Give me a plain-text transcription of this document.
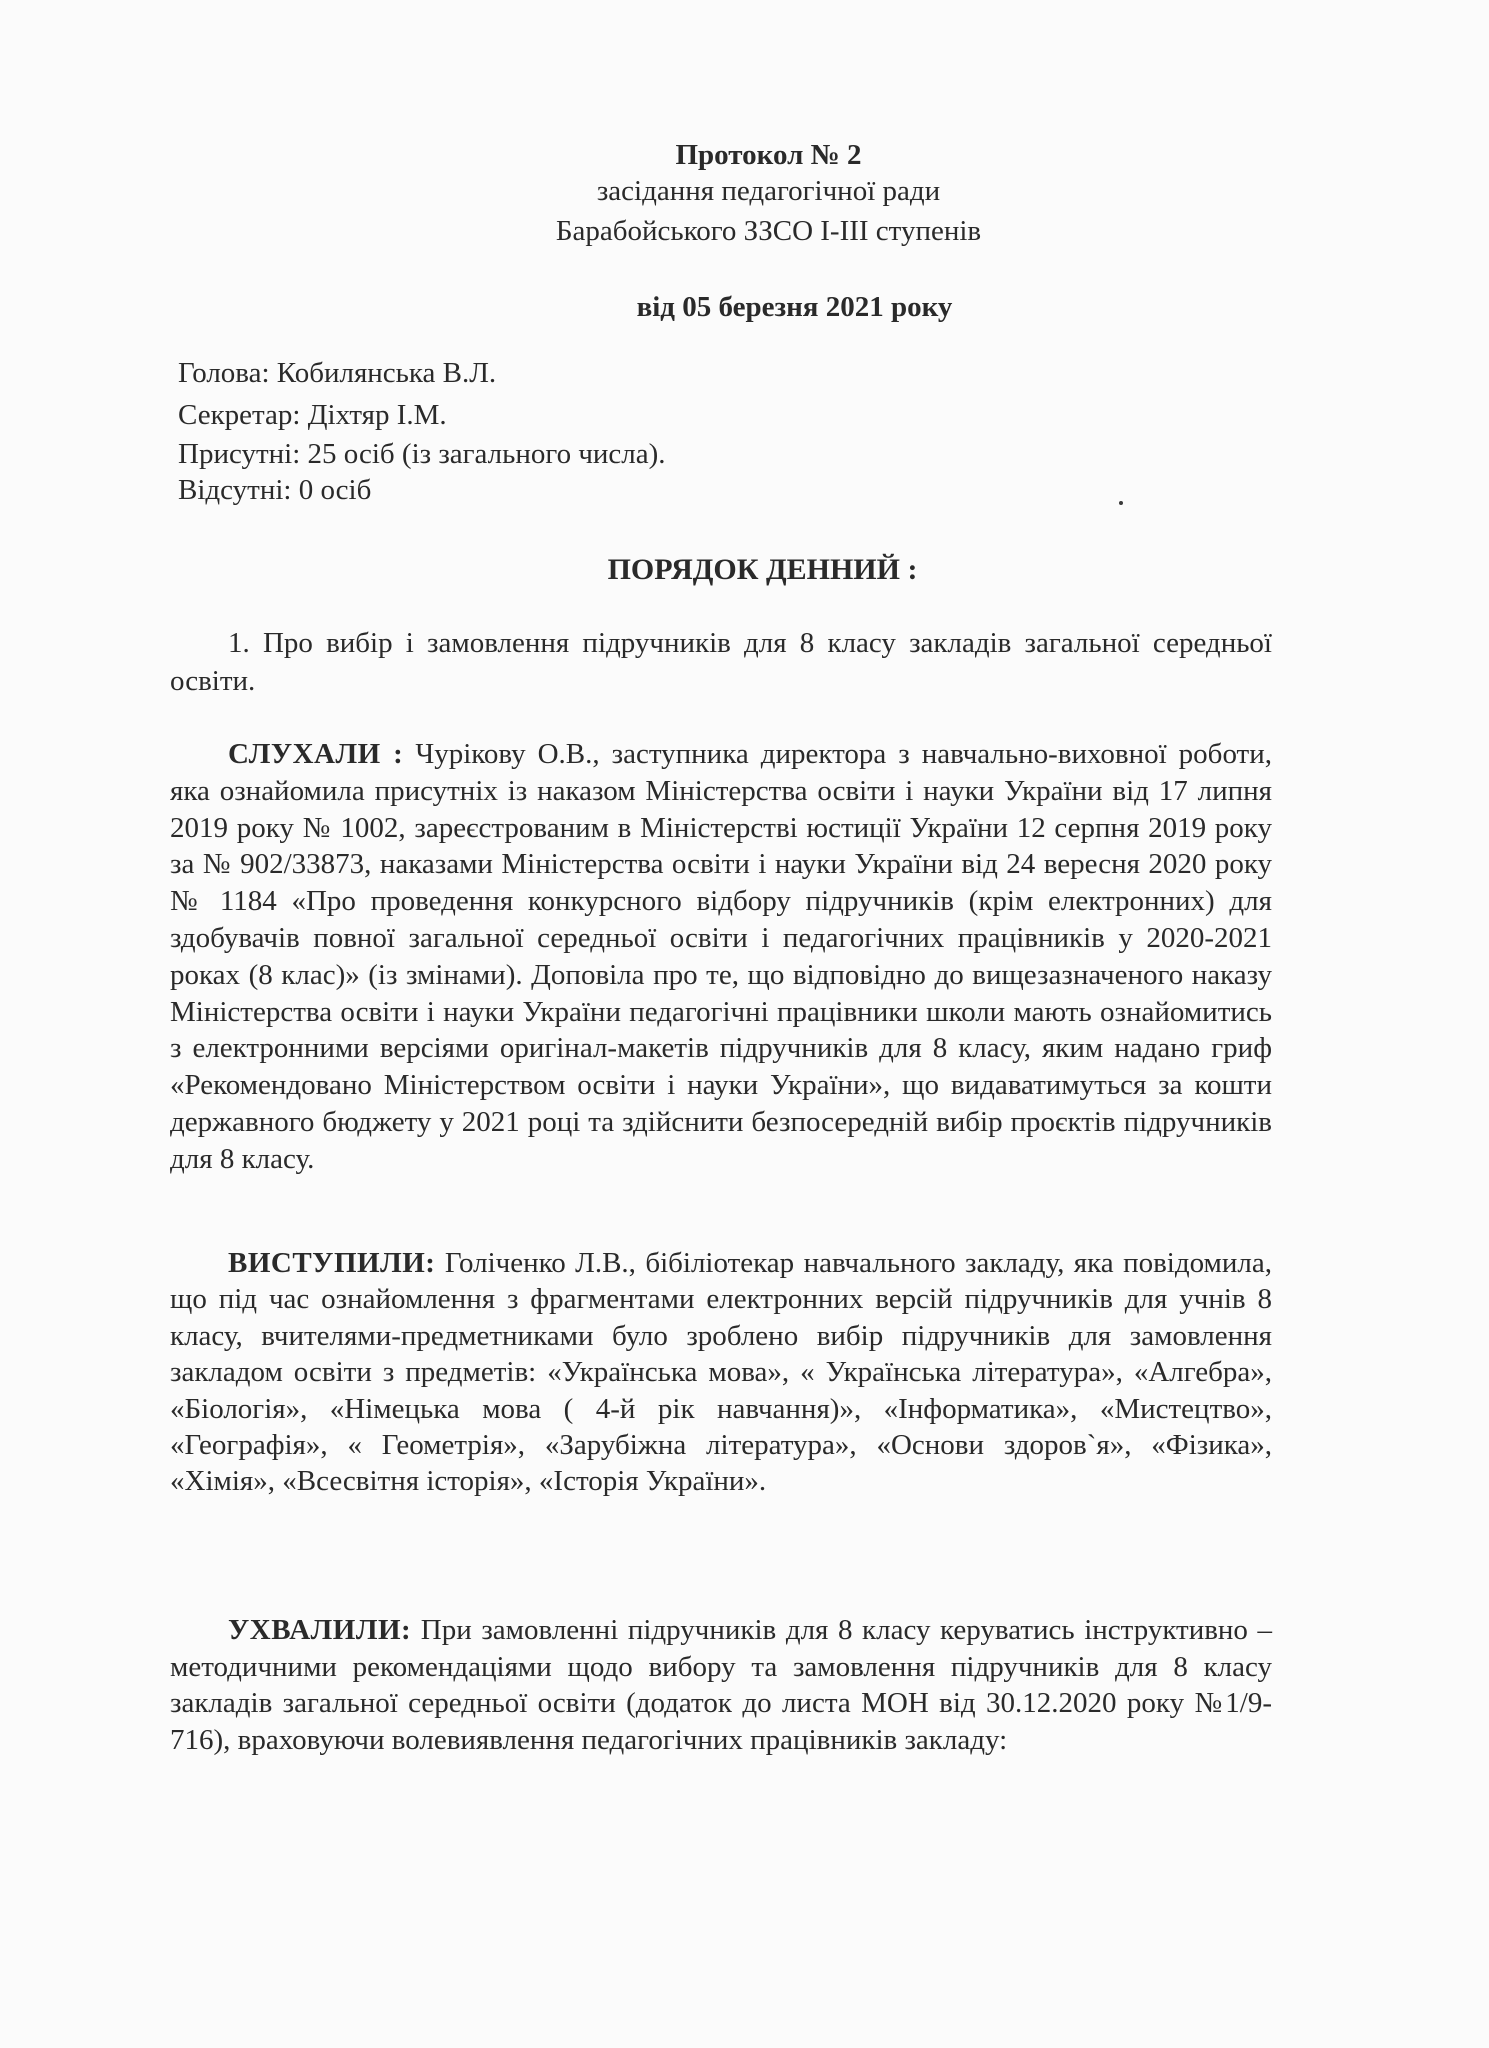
Протокол № 2
засідання педагогічної ради
Барабойського ЗЗСО І-ІІІ ступенів
від 05 березня 2021 року
Голова: Кобилянська В.Л.
Секретар: Діхтяр І.М.
Присутні: 25 осіб (із загального числа).
Відсутні: 0 осіб
ПОРЯДОК ДЕННИЙ :

1. Про вибір і замовлення підручників для 8 класу закладів загальної середньої освіти.

СЛУХАЛИ : Чурікову О.В., заступника директора з навчально-виховної роботи, яка ознайомила присутніх із наказом Міністерства освіти і науки України від 17 липня 2019 року № 1002, зареєстрованим в Міністерстві юстиції України 12 серпня 2019 року за № 902/33873, наказами Міністерства освіти і науки України від 24 вересня 2020 року № 1184 «Про проведення конкурсного відбору підручників (крім електронних) для здобувачів повної загальної середньої освіти і педагогічних працівників у 2020-2021 роках (8 клас)» (із змінами). Доповіла про те, що відповідно до вищезазначеного наказу Міністерства освіти і науки України педагогічні працівники школи мають ознайомитись з електронними версіями оригінал-макетів підручників для 8 класу, яким надано гриф «Рекомендовано Міністерством освіти і науки України», що видаватимуться за кошти державного бюджету у 2021 році та здійснити безпосередній вибір проєктів підручників для 8 класу.

ВИСТУПИЛИ: Голіченко Л.В., бібіліотекар навчального закладу, яка повідомила, що під час ознайомлення з фрагментами електронних версій підручників для учнів 8 класу, вчителями-предметниками було зроблено вибір підручників для замовлення закладом освіти з предметів: «Українська мова», « Українська література», «Алгебра», «Біологія», «Німецька мова ( 4-й рік навчання)», «Інформатика», «Мистецтво», «Географія», « Геометрія», «Зарубіжна література», «Основи здоров`я», «Фізика», «Хімія», «Всесвітня історія», «Історія України».

УХВАЛИЛИ: При замовленні підручників для 8 класу керуватись інструктивно – методичними рекомендаціями щодо вибору та замовлення підручників для 8 класу закладів загальної середньої освіти (додаток до листа МОН від 30.12.2020 року №1/9-716), враховуючи волевиявлення педагогічних працівників закладу:
